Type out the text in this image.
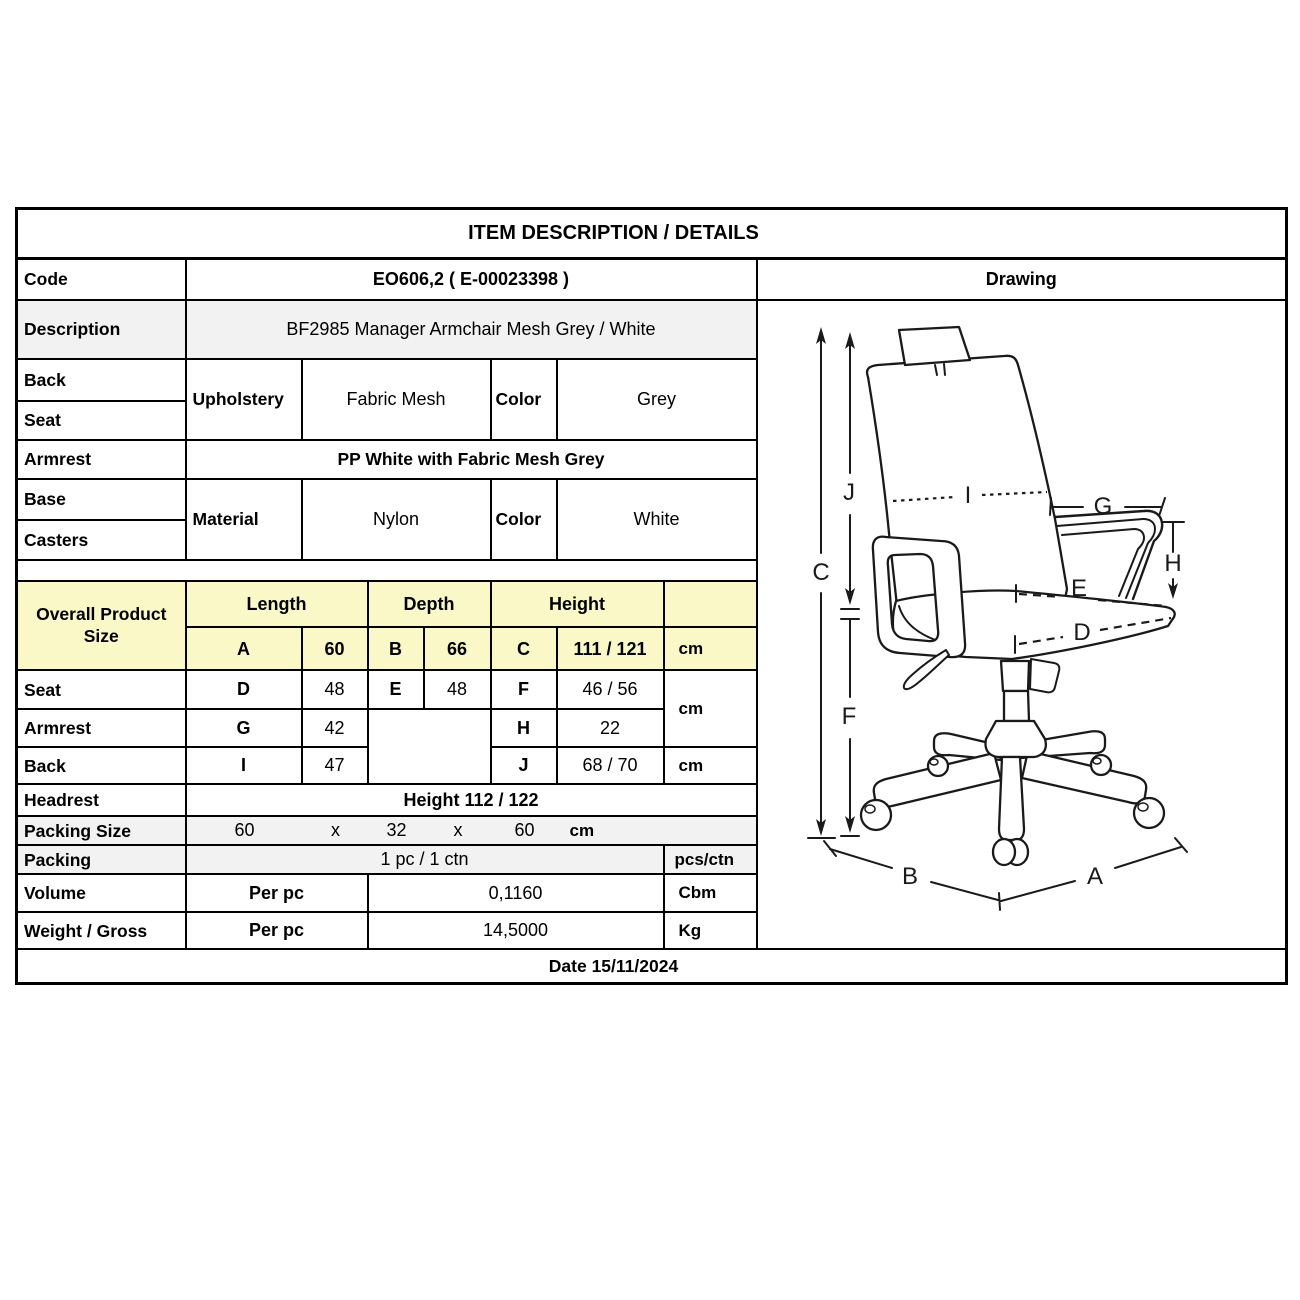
ITEM DESCRIPTION / DETAILS								
Code	EO606,2 ( E-00023398 )							Drawing
Description	BF2985 Manager Armchair Mesh Grey / White	
I
C
J
F
G
H
E
D
A
B

Back	Upholstery	Fabric Mesh			Color	Grey		
Seat								
Armrest	PP White with Fabric Mesh Grey							
Base	Material	Nylon			Color	White		
Casters								

Overall Product Size	Length		Depth		Height			
	A	60	B	66	C	111 / 121	cm	
Seat	D	48	E	48	F	46 / 56	cm	
Armrest	G	42			H	22		
Back	I	47			J	68 / 70	cm	
Headrest	Height 112 / 122							
Packing Size	60	x	32	x	60	cm

Packing	1 pc / 1 ctn						pcs/ctn	
Volume	Per pc		0,1160				Cbm	
Weight / Gross	Per pc		14,5000				Kg	
Date 15/11/2024								
